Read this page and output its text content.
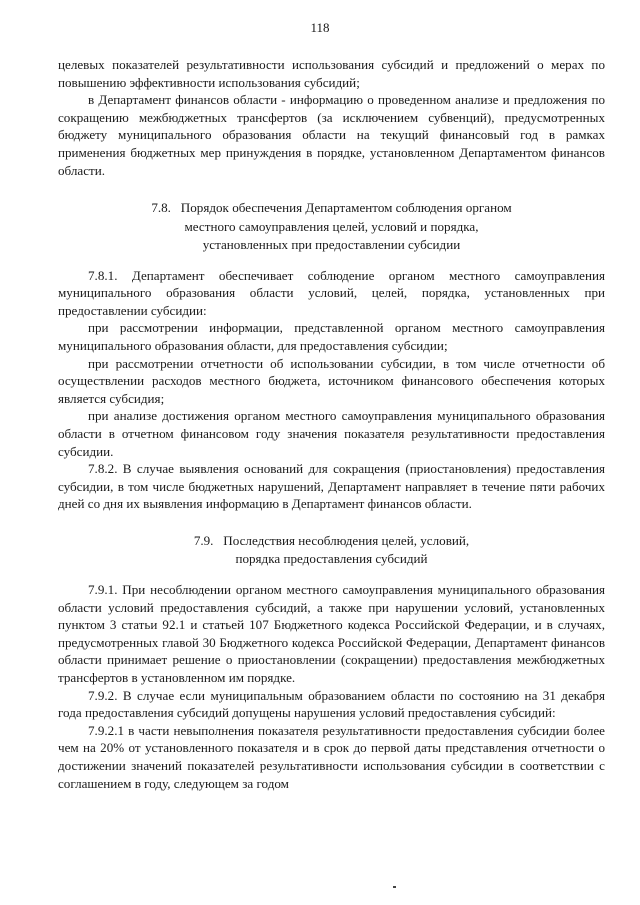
118

целевых показателей результативности использования субсидий и предложений о мерах по повышению эффективности использования субсидий;

в Департамент финансов области - информацию о проведенном анализе и предложения по сокращению межбюджетных трансфертов (за исключением субвенций), предусмотренных бюджету муниципального образования области на текущий финансовый год в рамках применения бюджетных мер принуждения в порядке, установленном Департаментом финансов области.

7.8.   Порядок обеспечения Департаментом соблюдения органом
местного самоуправления целей, условий и порядка,
установленных при предоставлении субсидии

7.8.1. Департамент обеспечивает соблюдение органом местного самоуправления муниципального образования области условий, целей, порядка, установленных при предоставлении субсидии:

при рассмотрении информации, представленной органом местного самоуправления муниципального образования области, для предоставления субсидии;

при рассмотрении отчетности об использовании субсидии, в том числе отчетности об осуществлении расходов местного бюджета, источником финансового обеспечения которых является субсидия;

при анализе достижения органом местного самоуправления муниципального образования области в отчетном финансовом году значения показателя результативности предоставления субсидии.

7.8.2. В случае выявления оснований для сокращения (приостановления) предоставления субсидии, в том числе бюджетных нарушений, Департамент направляет в течение пяти рабочих дней со дня их выявления информацию в Департамент финансов области.

7.9.   Последствия несоблюдения целей, условий,
порядка предоставления субсидий

7.9.1. При несоблюдении органом местного самоуправления муниципального образования области условий предоставления субсидий, а также при нарушении условий, установленных пунктом 3 статьи 92.1 и статьей 107 Бюджетного кодекса Российской Федерации, и в случаях, предусмотренных главой 30 Бюджетного кодекса Российской Федерации, Департамент финансов области принимает решение о приостановлении (сокращении) предоставления межбюджетных трансфертов в установленном им порядке.

7.9.2. В случае если муниципальным образованием области по состоянию на 31 декабря года предоставления субсидий допущены нарушения условий предоставления субсидий:

7.9.2.1 в части невыполнения показателя результативности предоставления субсидии более чем на 20% от установленного показателя и в срок до первой даты представления отчетности о достижении значений показателей результативности использования субсидии в соответствии с соглашением в году, следующем за годом
